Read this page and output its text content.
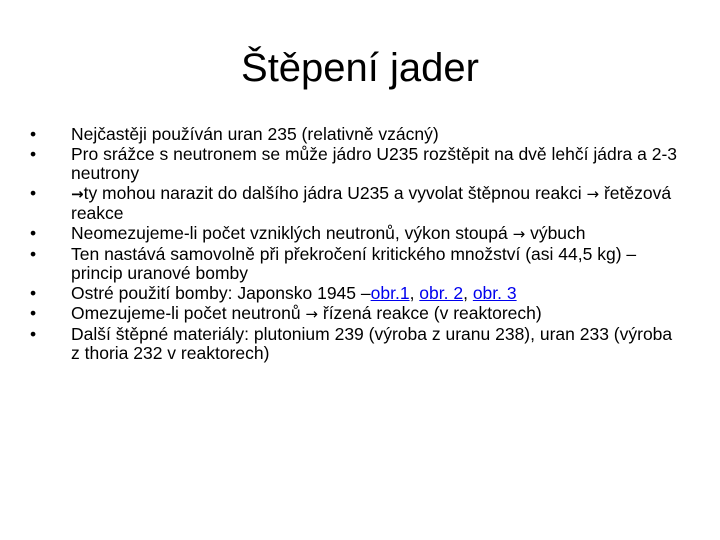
Štěpení jader
•	Nejčastěji používán uran 235 (relativně vzácný)
•	Pro srážce s neutronem se může jádro U235 rozštěpit na dvě lehčí jádra a 2-3 neutrony
•	→ty mohou narazit do dalšího jádra U235 a vyvolat štěpnou reakci → řetězová reakce
•	Neomezujeme-li počet vzniklých neutronů, výkon stoupá → výbuch
•	Ten nastává samovolně při překročení kritického množství (asi 44,5 kg) – princip uranové bomby
•	Ostré použití bomby: Japonsko 1945 –obr.1, obr. 2, obr. 3
•	Omezujeme-li počet neutronů → řízená reakce (v reaktorech)
•	Další štěpné materiály: plutonium 239 (výroba z uranu 238), uran 233 (výroba z thoria 232 v reaktorech)
